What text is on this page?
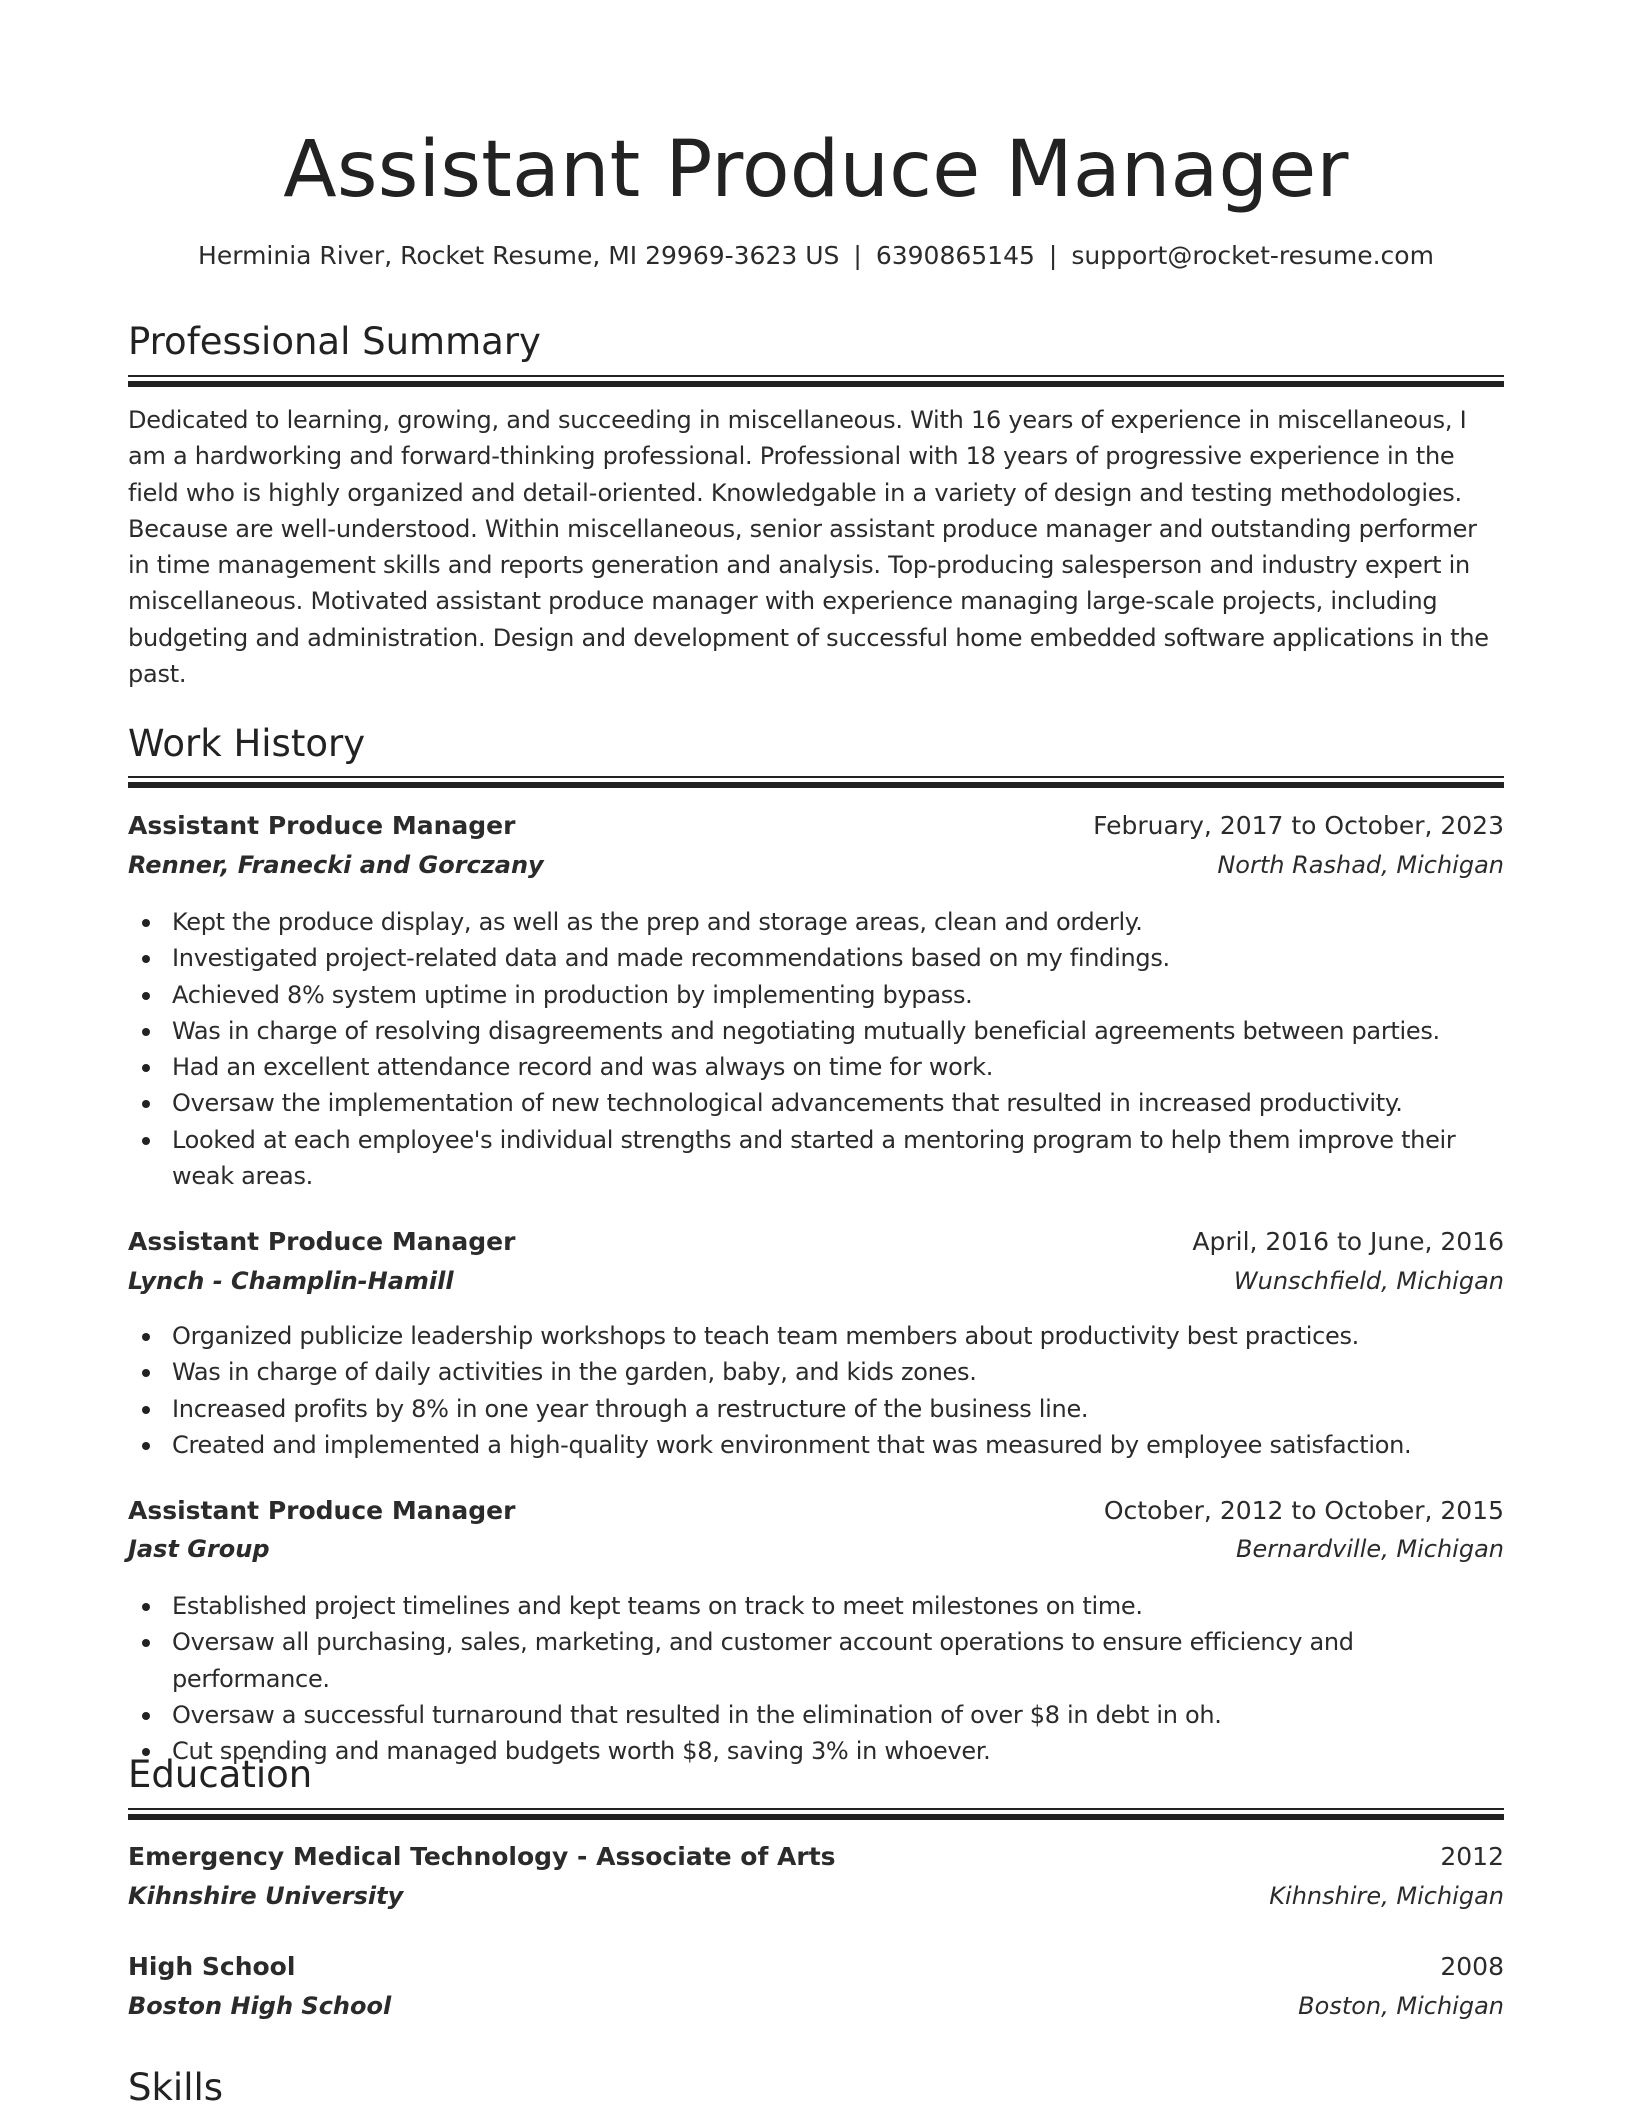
Assistant Produce Manager
Herminia River, Rocket Resume, MI 29969-3623 US | 6390865145 | support@rocket-resume.com
Professional Summary

Dedicated to learning, growing, and succeeding in miscellaneous. With 16 years of experience in miscellaneous, I am a hardworking and forward-thinking professional. Professional with 18 years of progressive experience in the field who is highly organized and detail-oriented. Knowledgable in a variety of design and testing methodologies. Because are well-understood. Within miscellaneous, senior assistant produce manager and outstanding performer in time management skills and reports generation and analysis. Top-producing salesperson and industry expert in miscellaneous. Motivated assistant produce manager with experience managing large-scale projects, including budgeting and administration. Design and development of successful home embedded software applications in the past.

Work History
Assistant Produce Manager	February, 2017 to October, 2023
Renner, Franecki and Gorczany	North Rashad, Michigan
Kept the produce display, as well as the prep and storage areas, clean and orderly.
Investigated project-related data and made recommendations based on my findings.
Achieved 8% system uptime in production by implementing bypass.
Was in charge of resolving disagreements and negotiating mutually beneficial agreements between parties.
Had an excellent attendance record and was always on time for work.
Oversaw the implementation of new technological advancements that resulted in increased productivity.
Looked at each employee's individual strengths and started a mentoring program to help them improve their weak areas.
Assistant Produce Manager	April, 2016 to June, 2016
Lynch - Champlin-Hamill	Wunschfield, Michigan
Organized publicize leadership workshops to teach team members about productivity best practices.
Was in charge of daily activities in the garden, baby, and kids zones.
Increased profits by 8% in one year through a restructure of the business line.
Created and implemented a high-quality work environment that was measured by employee satisfaction.
Assistant Produce Manager	October, 2012 to October, 2015
Jast Group	Bernardville, Michigan
Established project timelines and kept teams on track to meet milestones on time.
Oversaw all purchasing, sales, marketing, and customer account operations to ensure efficiency and performance.
Oversaw a successful turnaround that resulted in the elimination of over $8 in debt in oh.
Cut spending and managed budgets worth $8, saving 3% in whoever.
Education
Emergency Medical Technology - Associate of Arts	2012
Kihnshire University	Kihnshire, Michigan
High School	2008
Boston High School	Boston, Michigan
Skills
